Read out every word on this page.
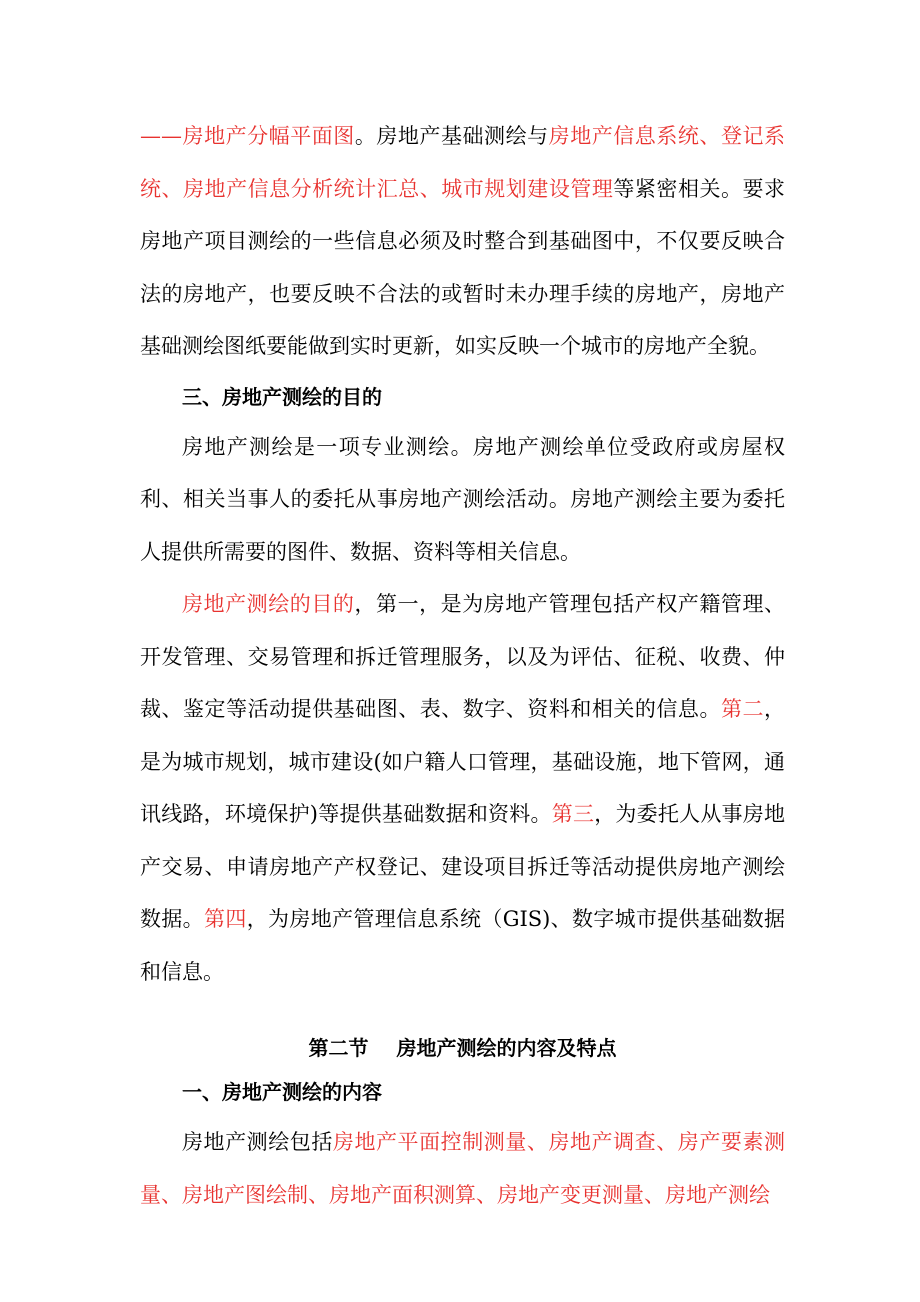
——房地产分幅平面图。房地产基础测绘与房地产信息系统、登记系统、房地产信息分析统计汇总、城市规划建设管理等紧密相关。要求房地产项目测绘的一些信息必须及时整合到基础图中，不仅要反映合法的房地产，也要反映不合法的或暂时未办理手续的房地产，房地产基础测绘图纸要能做到实时更新，如实反映一个城市的房地产全貌。

三、房地产测绘的目的

房地产测绘是一项专业测绘。房地产测绘单位受政府或房屋权利、相关当事人的委托从事房地产测绘活动。房地产测绘主要为委托人提供所需要的图件、数据、资料等相关信息。

房地产测绘的目的，第一，是为房地产管理包括产权产籍管理、开发管理、交易管理和拆迁管理服务，以及为评估、征税、收费、仲裁、鉴定等活动提供基础图、表、数字、资料和相关的信息。第二，是为城市规划，城市建设(如户籍人口管理，基础设施，地下管网，通讯线路，环境保护)等提供基础数据和资料。第三，为委托人从事房地产交易、申请房地产产权登记、建设项目拆迁等活动提供房地产测绘数据。第四，为房地产管理信息系统（GIS)、数字城市提供基础数据和信息。

第二节 房地产测绘的内容及特点

一、房地产测绘的内容

房地产测绘包括房地产平面控制测量、房地产调查、房产要素测量、房地产图绘制、房地产面积测算、房地产变更测量、房地产测绘
